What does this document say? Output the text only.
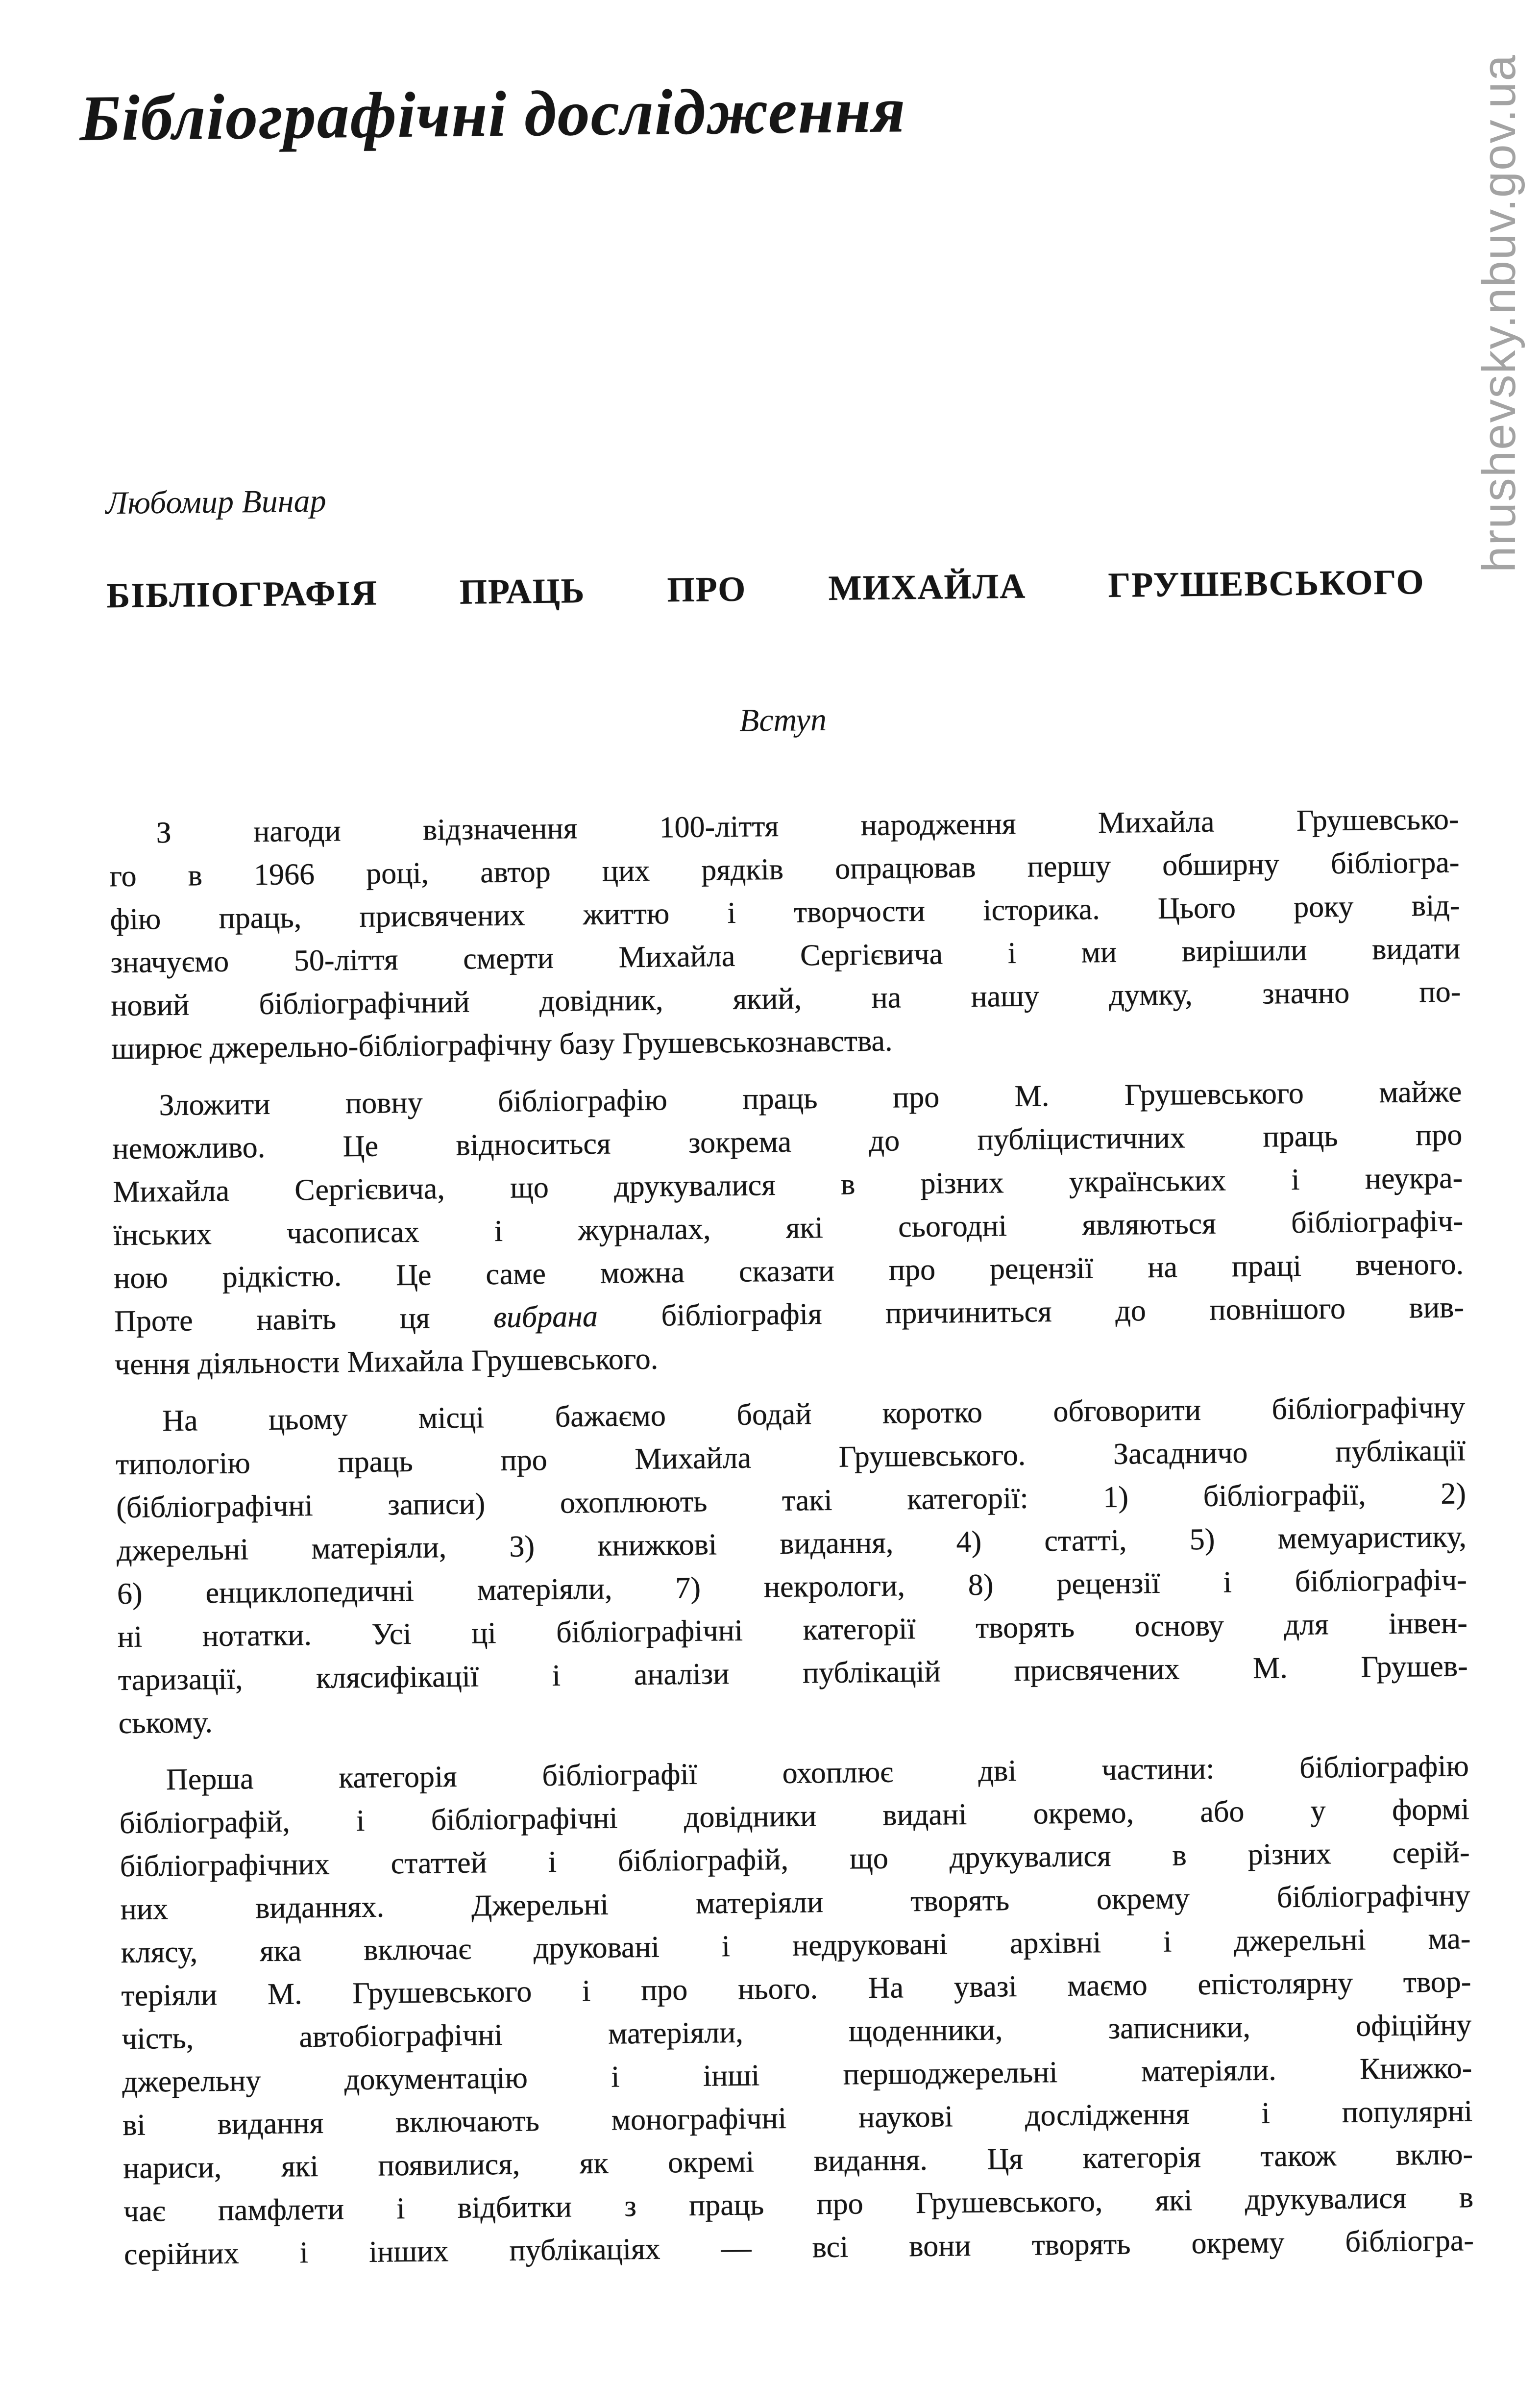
hrushevsky.nbuv.gov.ua
Бібліографічні дослідження
Любомир Винар
БІБЛІОГРАФІЯ ПРАЦЬ ПРО МИХАЙЛА ГРУШЕВСЬКОГО
Вступ
З нагоди відзначення 100-ліття народження Михайла Грушевсько-
го в 1966 році, автор цих рядків опрацював першу обширну бібліогра-
фію праць, присвячених життю і творчости історика. Цього року від-
значуємо 50-ліття смерти Михайла Сергієвича і ми вирішили видати
новий бібліографічний довідник, який, на нашу думку, значно по-
ширює джерельно-бібліографічну базу Грушевськознавства.
Зложити повну бібліографію праць про М. Грушевського майже
неможливо. Це відноситься зокрема до публіцистичних праць про
Михайла Сергієвича, що друкувалися в різних українських і неукра-
їнських часописах і журналах, які сьогодні являються бібліографіч-
ною рідкістю. Це саме можна сказати про рецензії на праці вченого.
Проте навіть ця вибрана бібліографія причиниться до повнішого вив-
чення діяльности Михайла Грушевського.
На цьому місці бажаємо бодай коротко обговорити бібліографічну
типологію праць про Михайла Грушевського. Засадничо публікації
(бібліографічні записи) охоплюють такі категорії: 1) бібліографії, 2)
джерельні матеріяли, 3) книжкові видання, 4) статті, 5) мемуаристику,
6) енциклопедичні матеріяли, 7) некрологи, 8) рецензії і бібліографіч-
ні нотатки. Усі ці бібліографічні категорії творять основу для інвен-
таризації, клясифікації і аналізи публікацій присвячених М. Грушев-
ському.
Перша категорія бібліографії охоплює дві частини: бібліографію
бібліографій, і бібліографічні довідники видані окремо, або у формі
бібліографічних статтей і бібліографій, що друкувалися в різних серій-
них виданнях. Джерельні матеріяли творять окрему бібліографічну
клясу, яка включає друковані і недруковані архівні і джерельні ма-
теріяли М. Грушевського і про нього. На увазі маємо епістолярну твор-
чість, автобіографічні матеріяли, щоденники, записники, офіційну
джерельну документацію і інші першоджерельні матеріяли. Книжко-
ві видання включають монографічні наукові дослідження і популярні
нариси, які появилися, як окремі видання. Ця категорія також вклю-
чає памфлети і відбитки з праць про Грушевського, які друкувалися в
серійних і інших публікаціях — всі вони творять окрему бібліогра-
